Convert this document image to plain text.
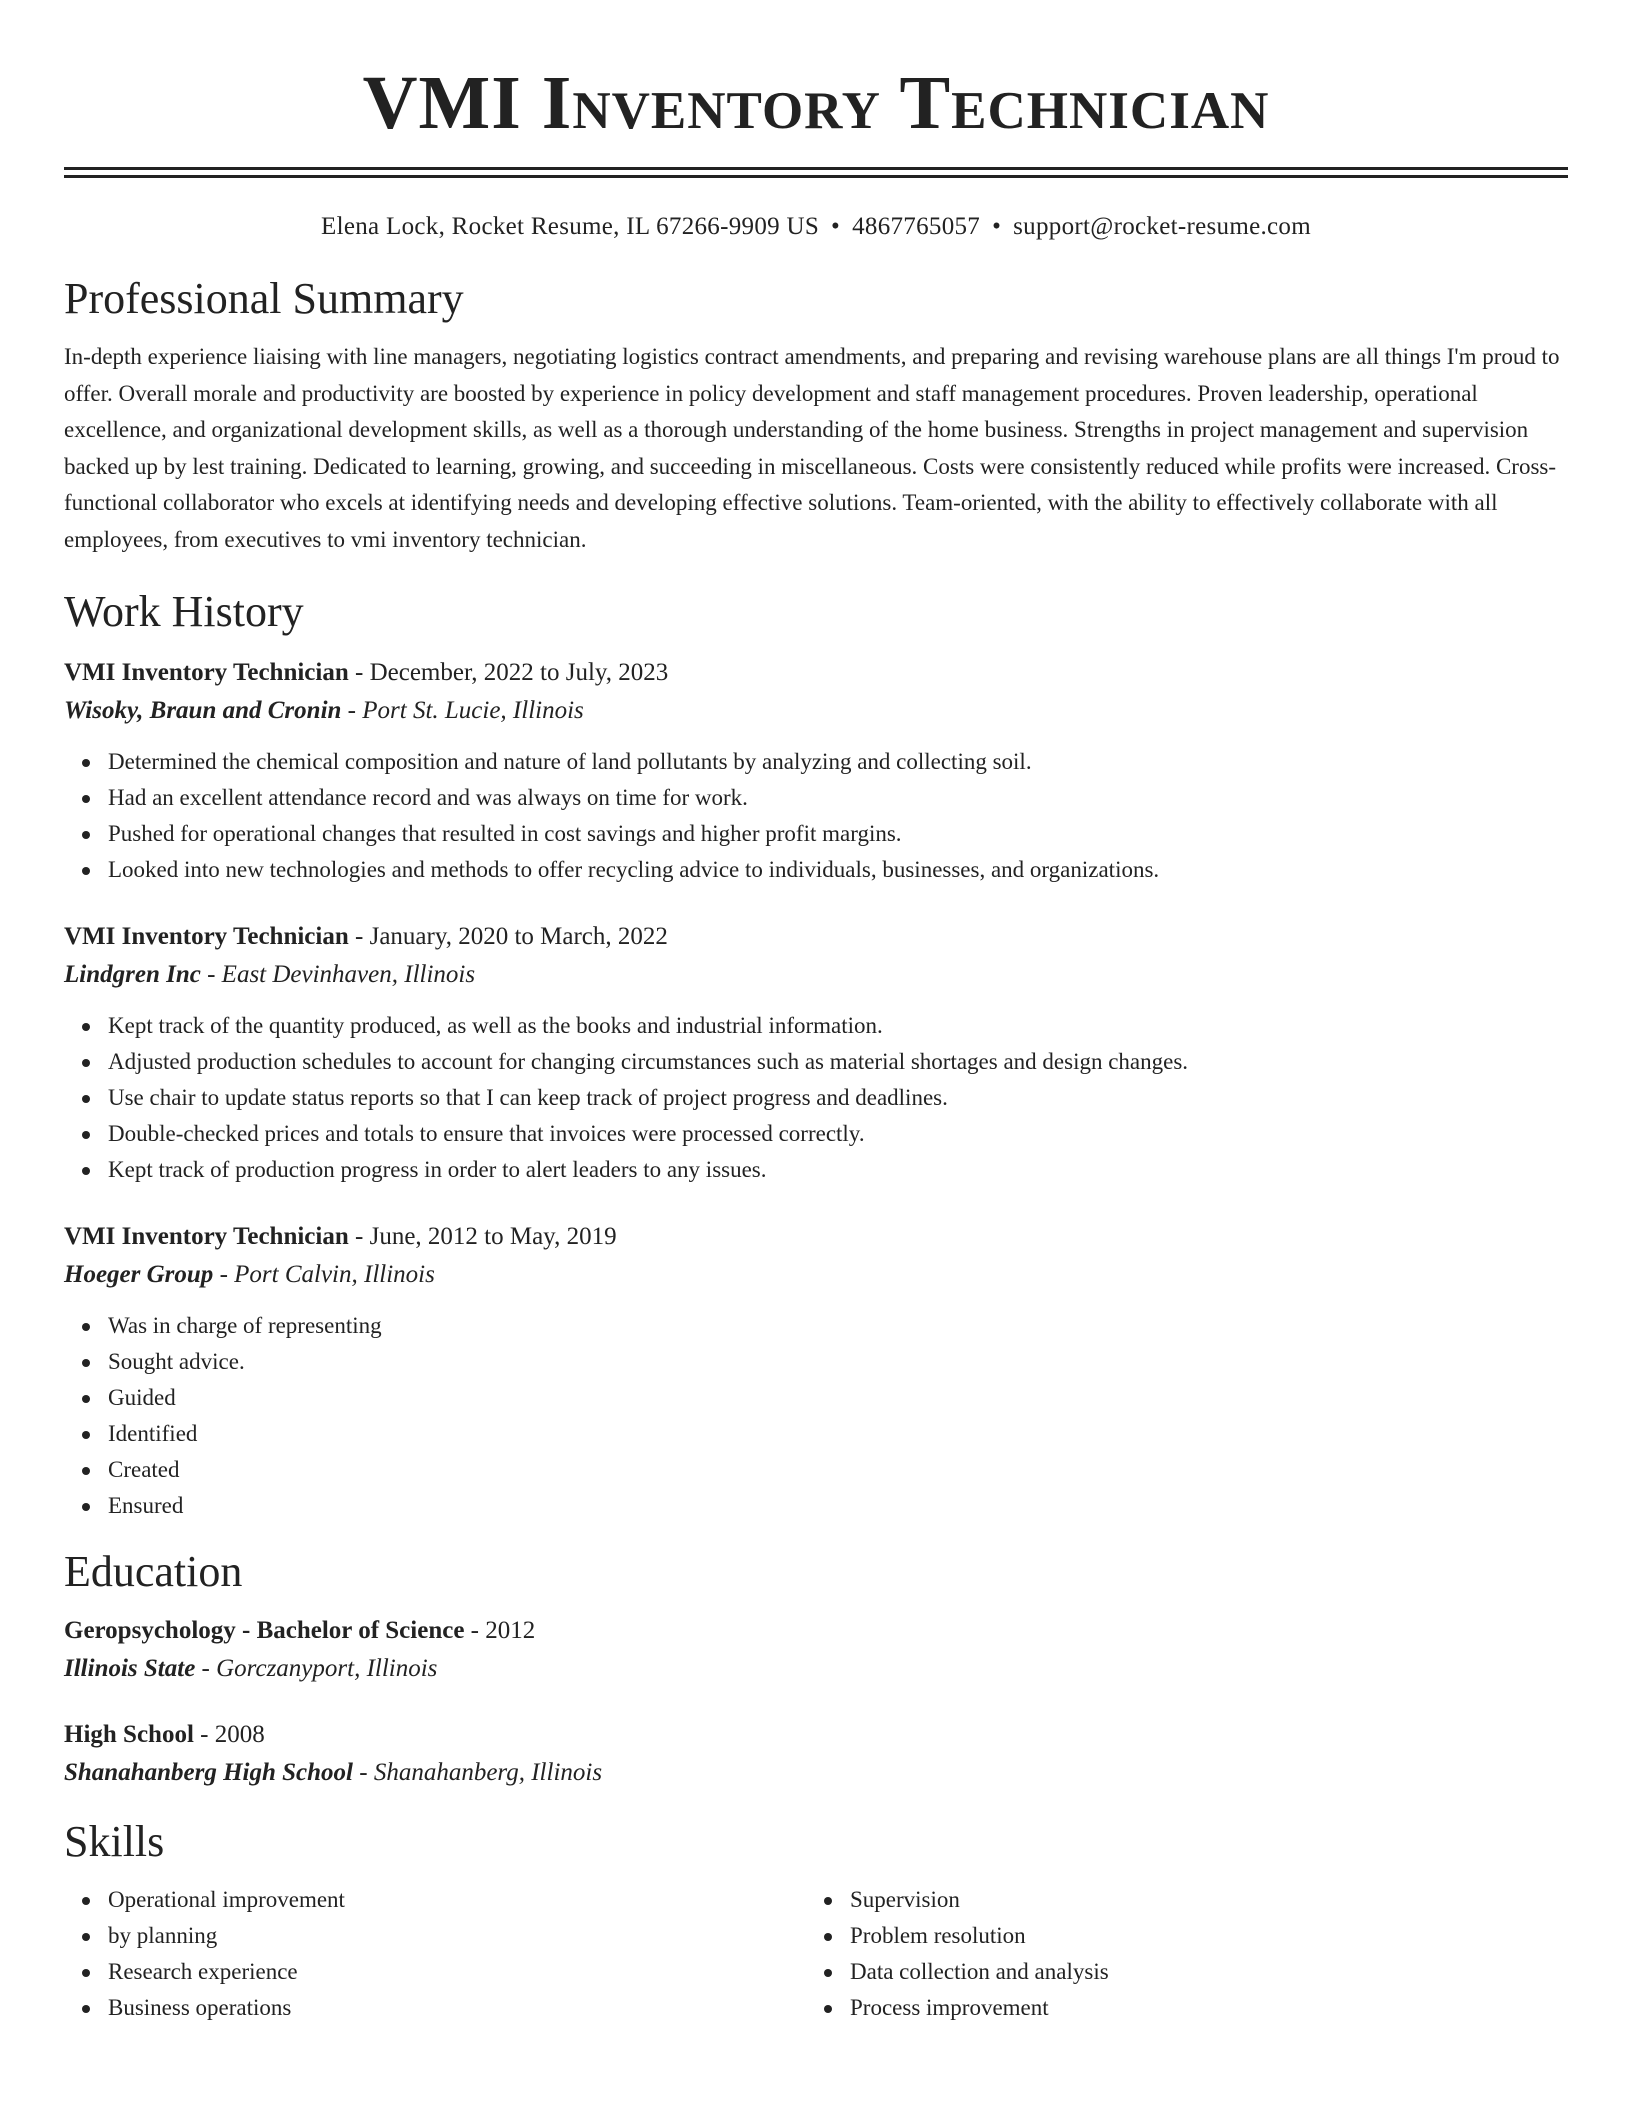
VMI Inventory Technician
Elena Lock, Rocket Resume, IL 67266-9909 US • 4867765057 • support@rocket-resume.com
Professional Summary

In-depth experience liaising with line managers, negotiating logistics contract amendments, and preparing and revising warehouse plans are all things I'm proud to offer. Overall morale and productivity are boosted by experience in policy development and staff management procedures. Proven leadership, operational excellence, and organizational development skills, as well as a thorough understanding of the home business. Strengths in project management and supervision backed up by lest training. Dedicated to learning, growing, and succeeding in miscellaneous. Costs were consistently reduced while profits were increased. Cross-functional collaborator who excels at identifying needs and developing effective solutions. Team-oriented, with the ability to effectively collaborate with all employees, from executives to vmi inventory technician.

Work History

VMI Inventory Technician - December, 2022 to July, 2023

Wisoky, Braun and Cronin - Port St. Lucie, Illinois

Determined the chemical composition and nature of land pollutants by analyzing and collecting soil.
Had an excellent attendance record and was always on time for work.
Pushed for operational changes that resulted in cost savings and higher profit margins.
Looked into new technologies and methods to offer recycling advice to individuals, businesses, and organizations.

VMI Inventory Technician - January, 2020 to March, 2022

Lindgren Inc - East Devinhaven, Illinois

Kept track of the quantity produced, as well as the books and industrial information.
Adjusted production schedules to account for changing circumstances such as material shortages and design changes.
Use chair to update status reports so that I can keep track of project progress and deadlines.
Double-checked prices and totals to ensure that invoices were processed correctly.
Kept track of production progress in order to alert leaders to any issues.

VMI Inventory Technician - June, 2012 to May, 2019

Hoeger Group - Port Calvin, Illinois

Was in charge of representing
Sought advice.
Guided
Identified
Created
Ensured
Education

Geropsychology - Bachelor of Science - 2012

Illinois State - Gorczanyport, Illinois

High School - 2008

Shanahanberg High School - Shanahanberg, Illinois

Skills
Operational improvement
by planning
Research experience
Business operations
Supervision
Problem resolution
Data collection and analysis
Process improvement
